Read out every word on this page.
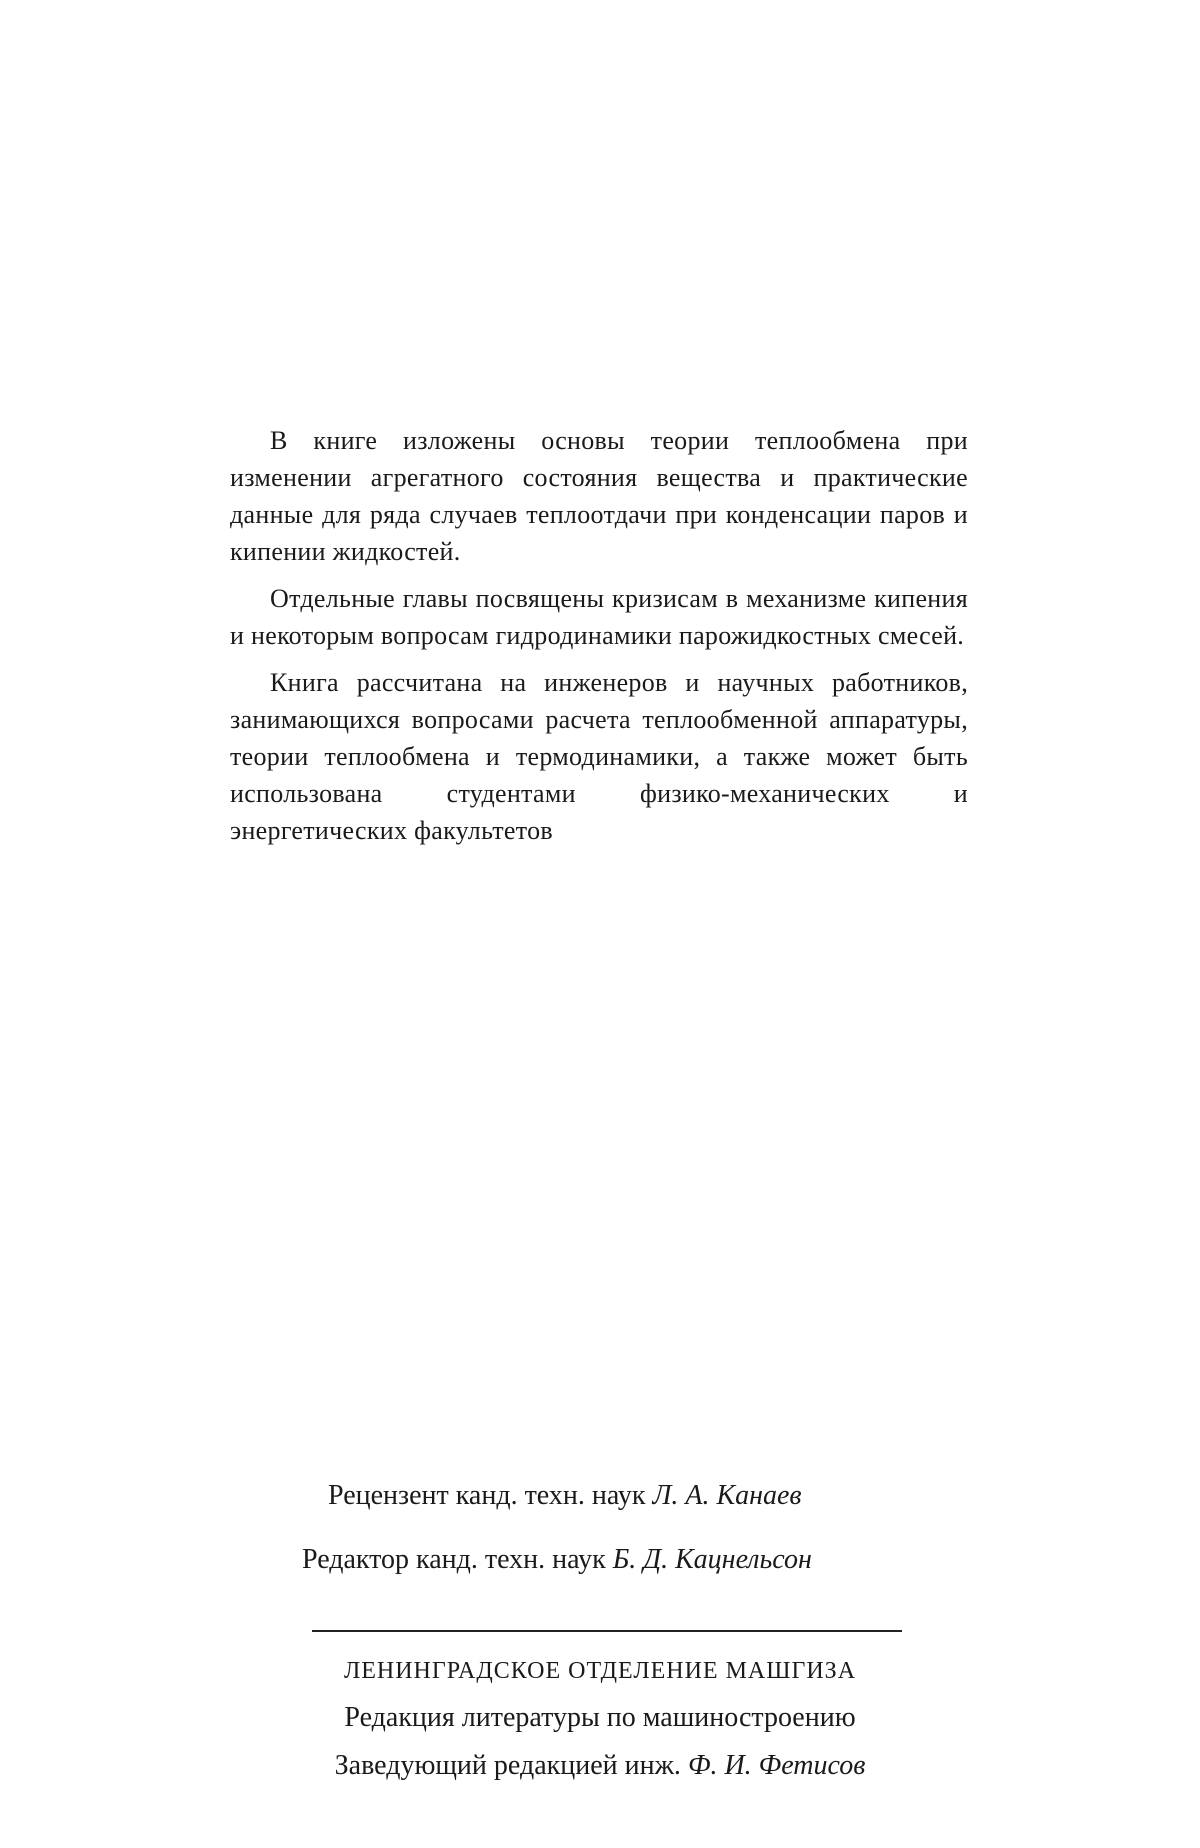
В книге изложены основы теории теплообмена при изменении агрегатного состояния вещества и практические данные для ряда случаев теплоотдачи при конденсации паров и кипении жидкостей.

Отдельные главы посвящены кризисам в механизме кипения и некоторым вопросам гидродинамики парожидкостных смесей.

Книга рассчитана на инженеров и научных работников, занимающихся вопросами расчета теплообменной аппаратуры, теории теплообмена и термодинамики, а также может быть использована студентами физико-механических и энергетических факультетов

Рецензент канд. техн. наук Л. А. Канаев
Редактор канд. техн. наук Б. Д. Кацнельсон
ЛЕНИНГРАДСКОЕ ОТДЕЛЕНИЕ МАШГИЗА
Редакция литературы по машиностроению
Заведующий редакцией инж. Ф. И. Фетисов
